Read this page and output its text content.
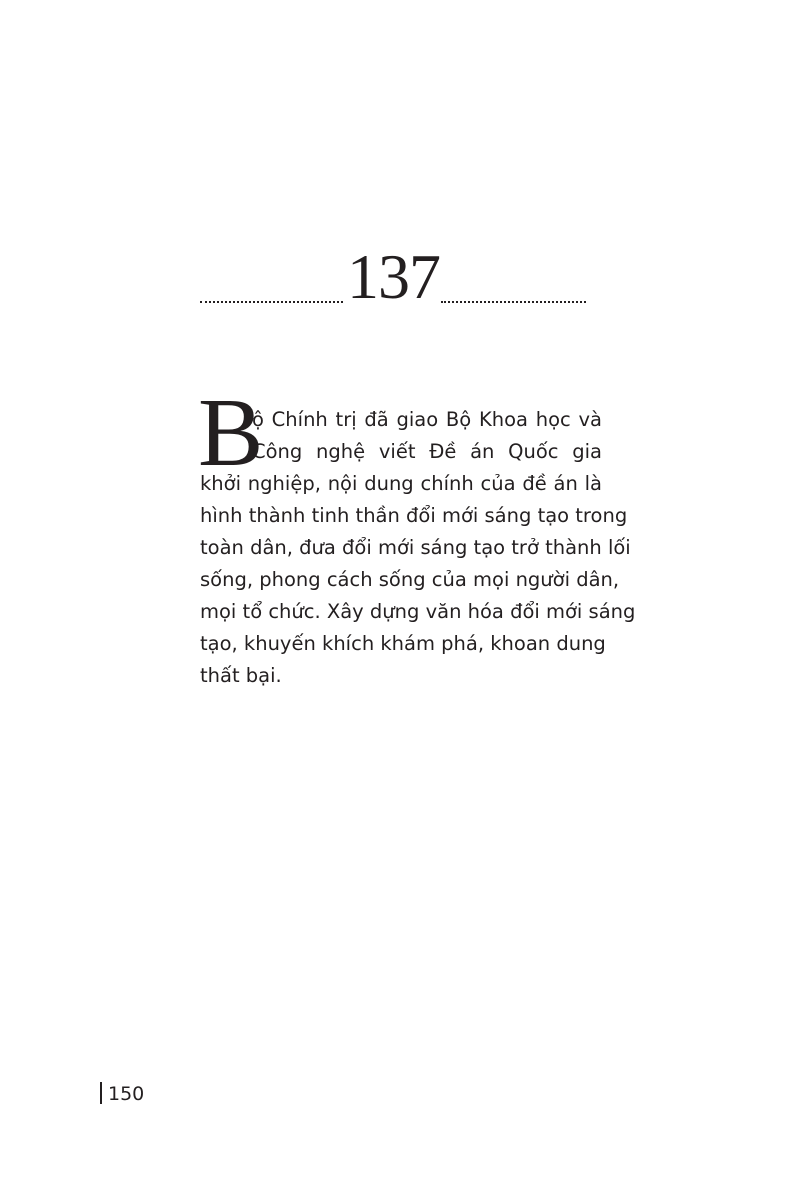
137
B
ộ Chính trị đã giao Bộ Khoa học và
Công nghệ viết Đề án Quốc gia
khởi nghiệp, nội dung chính của đề án là
hình thành tinh thần đổi mới sáng tạo trong
toàn dân, đưa đổi mới sáng tạo trở thành lối
sống, phong cách sống của mọi người dân,
mọi tổ chức. Xây dựng văn hóa đổi mới sáng
tạo, khuyến khích khám phá, khoan dung
thất bại.
150
